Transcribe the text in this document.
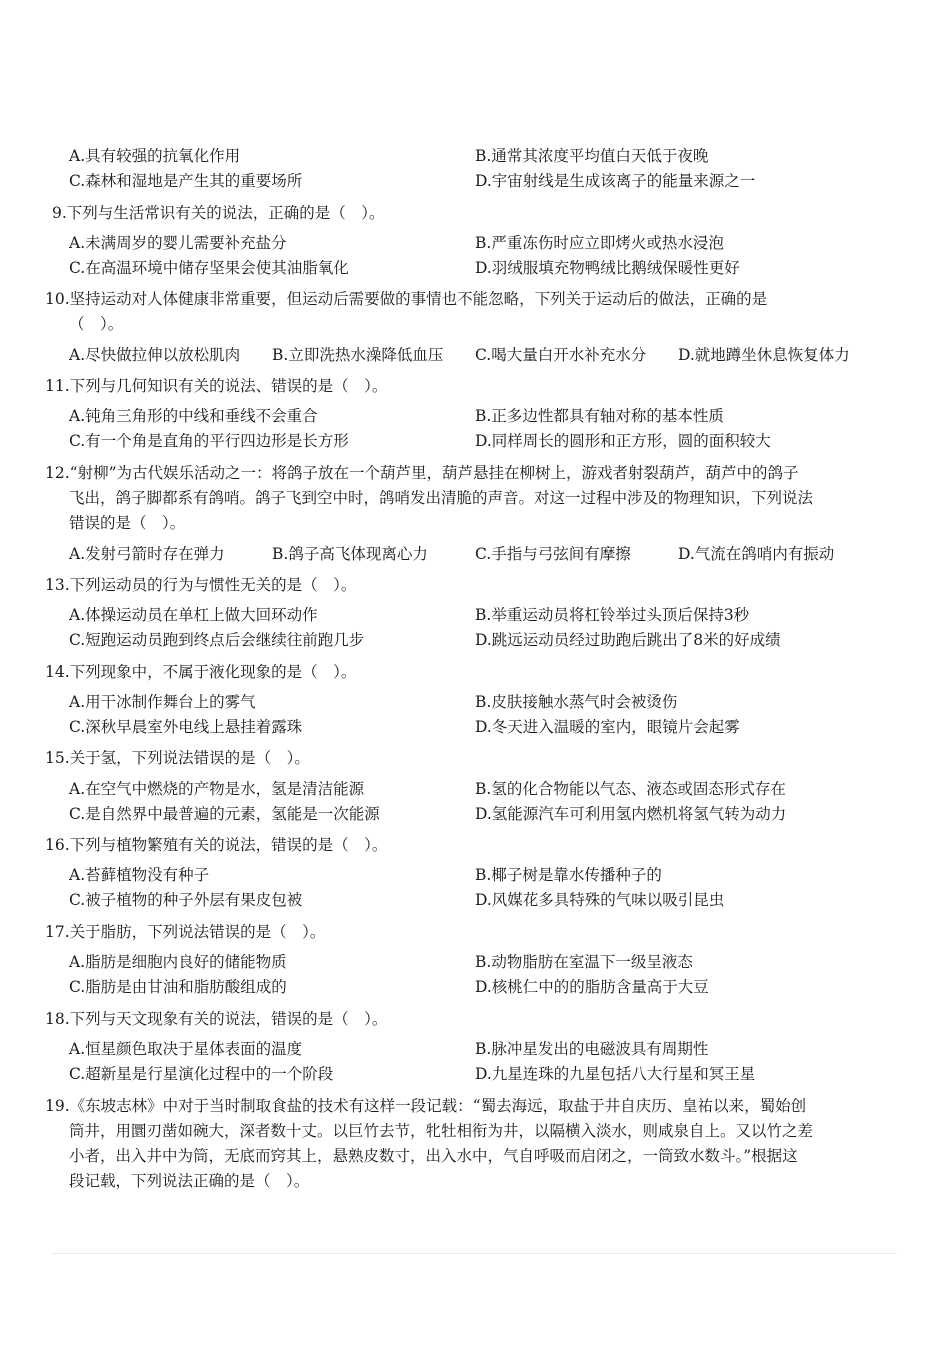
A.具有较强的抗氧化作用	B.通常其浓度平均值白天低于夜晚
C.森林和湿地是产生其的重要场所	D.宇宙射线是生成该离子的能量来源之一
9.下列与生活常识有关的说法，正确的是（　）。
A.未满周岁的婴儿需要补充盐分	B.严重冻伤时应立即烤火或热水浸泡
C.在高温环境中储存坚果会使其油脂氧化	D.羽绒服填充物鸭绒比鹅绒保暖性更好
10.坚持运动对人体健康非常重要，但运动后需要做的事情也不能忽略，下列关于运动后的做法，正确的是
（　）。
A.尽快做拉伸以放松肌肉 B.立即洗热水澡降低血压 C.喝大量白开水补充水分 D.就地蹲坐休息恢复体力
11.下列与几何知识有关的说法、错误的是（　）。
A.钝角三角形的中线和垂线不会重合	B.正多边性都具有轴对称的基本性质
C.有一个角是直角的平行四边形是长方形	D.同样周长的圆形和正方形，圆的面积较大
12.“射柳”为古代娱乐活动之一：将鸽子放在一个葫芦里，葫芦悬挂在柳树上，游戏者射裂葫芦，葫芦中的鸽子
飞出，鸽子脚都系有鸽哨。鸽子飞到空中时，鸽哨发出清脆的声音。对这一过程中涉及的物理知识，下列说法
错误的是（　）。
A.发射弓箭时存在弹力	B.鸽子高飞体现离心力	C.手指与弓弦间有摩擦	D.气流在鸽哨内有振动
13.下列运动员的行为与惯性无关的是（　）。
A.体操运动员在单杠上做大回环动作	B.举重运动员将杠铃举过头顶后保持3秒
C.短跑运动员跑到终点后会继续往前跑几步	D.跳远运动员经过助跑后跳出了8米的好成绩
14.下列现象中，不属于液化现象的是（　）。
A.用干冰制作舞台上的雾气	B.皮肤接触水蒸气时会被烫伤
C.深秋早晨室外电线上悬挂着露珠	D.冬天进入温暖的室内，眼镜片会起雾
15.关于氢，下列说法错误的是（　）。
A.在空气中燃烧的产物是水，氢是清洁能源	B.氢的化合物能以气态、液态或固态形式存在
C.是自然界中最普遍的元素，氢能是一次能源	D.氢能源汽车可利用氢内燃机将氢气转为动力
16.下列与植物繁殖有关的说法，错误的是（　）。
A.苔藓植物没有种子	B.椰子树是靠水传播种子的
C.被子植物的种子外层有果皮包被	D.风媒花多具特殊的气味以吸引昆虫
17.关于脂肪，下列说法错误的是（　）。
A.脂肪是细胞内良好的储能物质	B.动物脂肪在室温下一级呈液态
C.脂肪是由甘油和脂肪酸组成的	D.核桃仁中的的脂肪含量高于大豆
18.下列与天文现象有关的说法，错误的是（　）。
A.恒星颜色取决于星体表面的温度	B.脉冲星发出的电磁波具有周期性
C.超新星是行星演化过程中的一个阶段	D.九星连珠的九星包括八大行星和冥王星
19.《东坡志林》中对于当时制取食盐的技术有这样一段记载：“蜀去海远，取盐于井自庆历、皇祐以来，蜀始创
筒井，用圜刃凿如碗大，深者数十丈。以巨竹去节，牝牡相衔为井，以隔横入淡水，则咸泉自上。又以竹之差
小者，出入井中为筒，无底而窍其上，悬熟皮数寸，出入水中，气自呼吸而启闭之，一筒致水数斗。”根据这
段记载，下列说法正确的是（　）。
